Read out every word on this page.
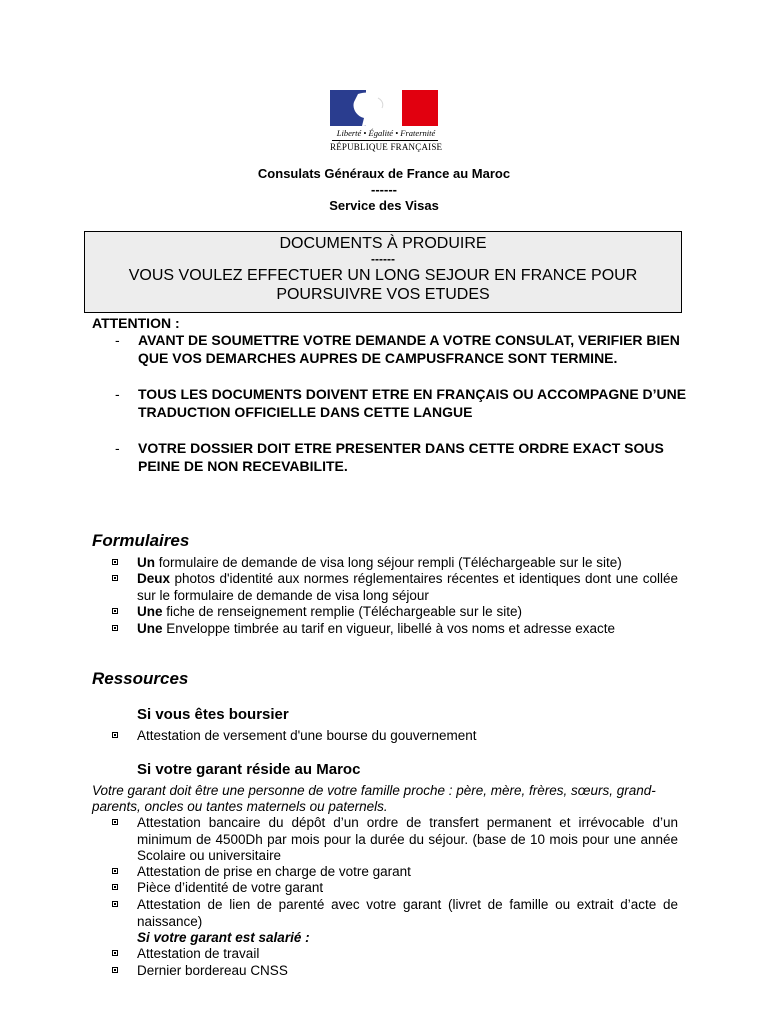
Liberté • Égalité • Fraternité
RÉPUBLIQUE FRANÇAISE
Consulats Généraux de France au Maroc
------
Service des Visas
DOCUMENTS À PRODUIRE
------
VOUS VOULEZ EFFECTUER UN LONG SEJOUR EN FRANCE POUR
POURSUIVRE VOS ETUDES
ATTENTION :
- AVANT DE SOUMETTRE VOTRE DEMANDE A VOTRE CONSULAT, VERIFIER BIEN QUE VOS DEMARCHES AUPRES DE CAMPUSFRANCE SONT TERMINE.
- TOUS LES DOCUMENTS DOIVENT ETRE EN FRANÇAIS OU ACCOMPAGNE D’UNE TRADUCTION OFFICIELLE DANS CETTE LANGUE
- VOTRE DOSSIER DOIT ETRE PRESENTER DANS CETTE ORDRE EXACT SOUS PEINE DE NON RECEVABILITE.
Formulaires
Un formulaire de demande de visa long séjour rempli (Téléchargeable sur le site)
Deux photos d'identité aux normes réglementaires récentes et identiques dont une collée sur le formulaire de demande de visa long séjour
Une fiche de renseignement remplie (Téléchargeable sur le site)
Une Enveloppe timbrée au tarif en vigueur, libellé à vos noms et adresse exacte
Ressources
Si vous êtes boursier
Attestation de versement d'une bourse du gouvernement
Si votre garant réside au Maroc
Votre garant doit être une personne de votre famille proche : père, mère, frères, sœurs, grand-parents, oncles ou tantes maternels ou paternels.
Attestation bancaire du dépôt d’un ordre de transfert permanent et irrévocable d’un minimum de 4500Dh par mois pour la durée du séjour. (base de 10 mois pour une année Scolaire ou universitaire
Attestation de prise en charge de votre garant
Pièce d’identité de votre garant
Attestation de lien de parenté avec votre garant (livret de famille ou extrait d’acte de naissance)
Si votre garant est salarié :
Attestation de travail
Dernier bordereau CNSS
